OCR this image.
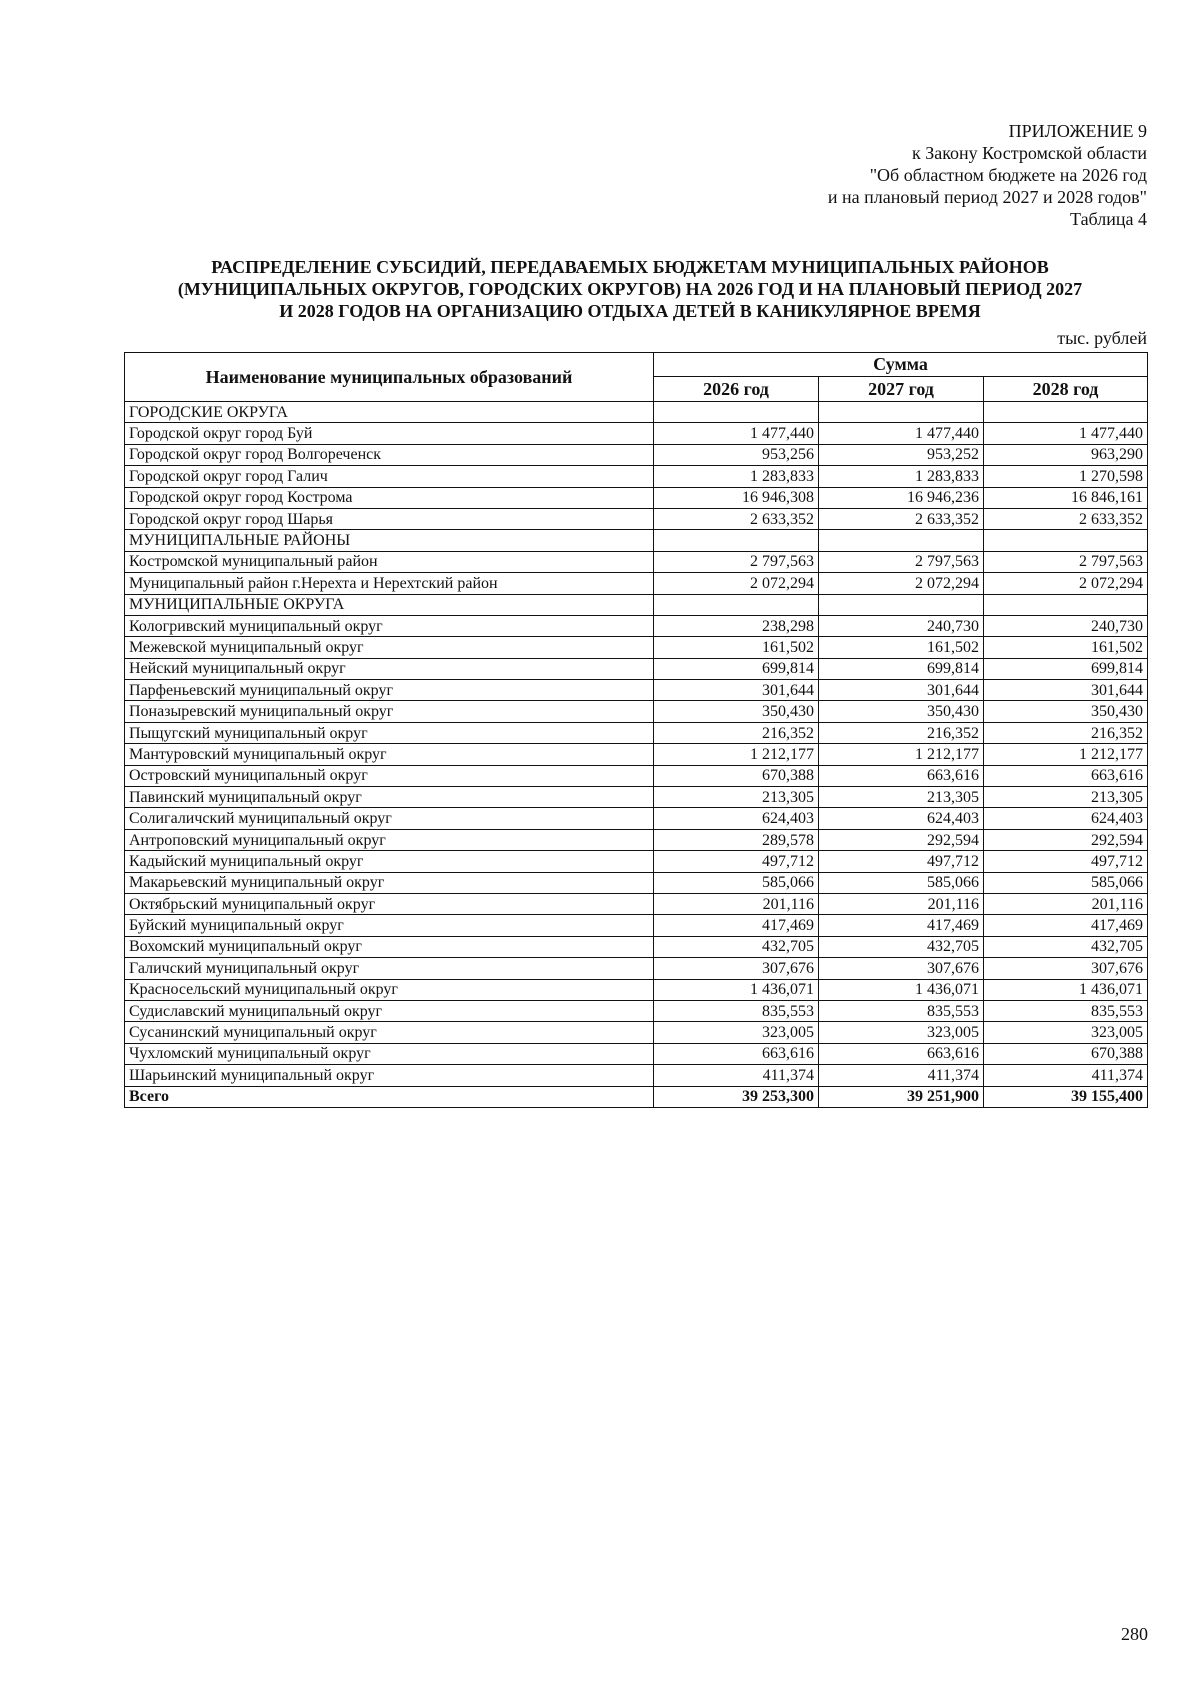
ПРИЛОЖЕНИЕ 9
к Закону Костромской области
"Об областном бюджете на 2026 год
и на плановый период 2027 и 2028 годов"
Таблица 4
РАСПРЕДЕЛЕНИЕ СУБСИДИЙ, ПЕРЕДАВАЕМЫХ БЮДЖЕТАМ МУНИЦИПАЛЬНЫХ РАЙОНОВ
(МУНИЦИПАЛЬНЫХ ОКРУГОВ, ГОРОДСКИХ ОКРУГОВ) НА 2026 ГОД И НА ПЛАНОВЫЙ ПЕРИОД 2027
И 2028 ГОДОВ НА ОРГАНИЗАЦИЮ ОТДЫХА ДЕТЕЙ В КАНИКУЛЯРНОЕ ВРЕМЯ
тыс. рублей
Наименование муниципальных образований	Сумма		
	2026 год	2027 год	2028 год
ГОРОДСКИЕ ОКРУГА			
Городской округ город Буй	1 477,440	1 477,440	1 477,440
Городской округ город Волгореченск	953,256	953,252	963,290
Городской округ город Галич	1 283,833	1 283,833	1 270,598
Городской округ город Кострома	16 946,308	16 946,236	16 846,161
Городской округ город Шарья	2 633,352	2 633,352	2 633,352
МУНИЦИПАЛЬНЫЕ РАЙОНЫ			
Костромской муниципальный район	2 797,563	2 797,563	2 797,563
Муниципальный район г.Нерехта и Нерехтский район	2 072,294	2 072,294	2 072,294
МУНИЦИПАЛЬНЫЕ ОКРУГА			
Кологривский муниципальный округ	238,298	240,730	240,730
Межевской муниципальный округ	161,502	161,502	161,502
Нейский муниципальный округ	699,814	699,814	699,814
Парфеньевский муниципальный округ	301,644	301,644	301,644
Поназыревский муниципальный округ	350,430	350,430	350,430
Пыщугский муниципальный округ	216,352	216,352	216,352
Мантуровский муниципальный округ	1 212,177	1 212,177	1 212,177
Островский муниципальный округ	670,388	663,616	663,616
Павинский муниципальный округ	213,305	213,305	213,305
Солигаличский муниципальный округ	624,403	624,403	624,403
Антроповский муниципальный округ	289,578	292,594	292,594
Кадыйский муниципальный округ	497,712	497,712	497,712
Макарьевский муниципальный округ	585,066	585,066	585,066
Октябрьский муниципальный округ	201,116	201,116	201,116
Буйский муниципальный округ	417,469	417,469	417,469
Вохомский муниципальный округ	432,705	432,705	432,705
Галичский муниципальный округ	307,676	307,676	307,676
Красносельский муниципальный округ	1 436,071	1 436,071	1 436,071
Судиславский муниципальный округ	835,553	835,553	835,553
Сусанинский муниципальный округ	323,005	323,005	323,005
Чухломский муниципальный округ	663,616	663,616	670,388
Шарьинский муниципальный округ	411,374	411,374	411,374
Всего	39 253,300	39 251,900	39 155,400
280
